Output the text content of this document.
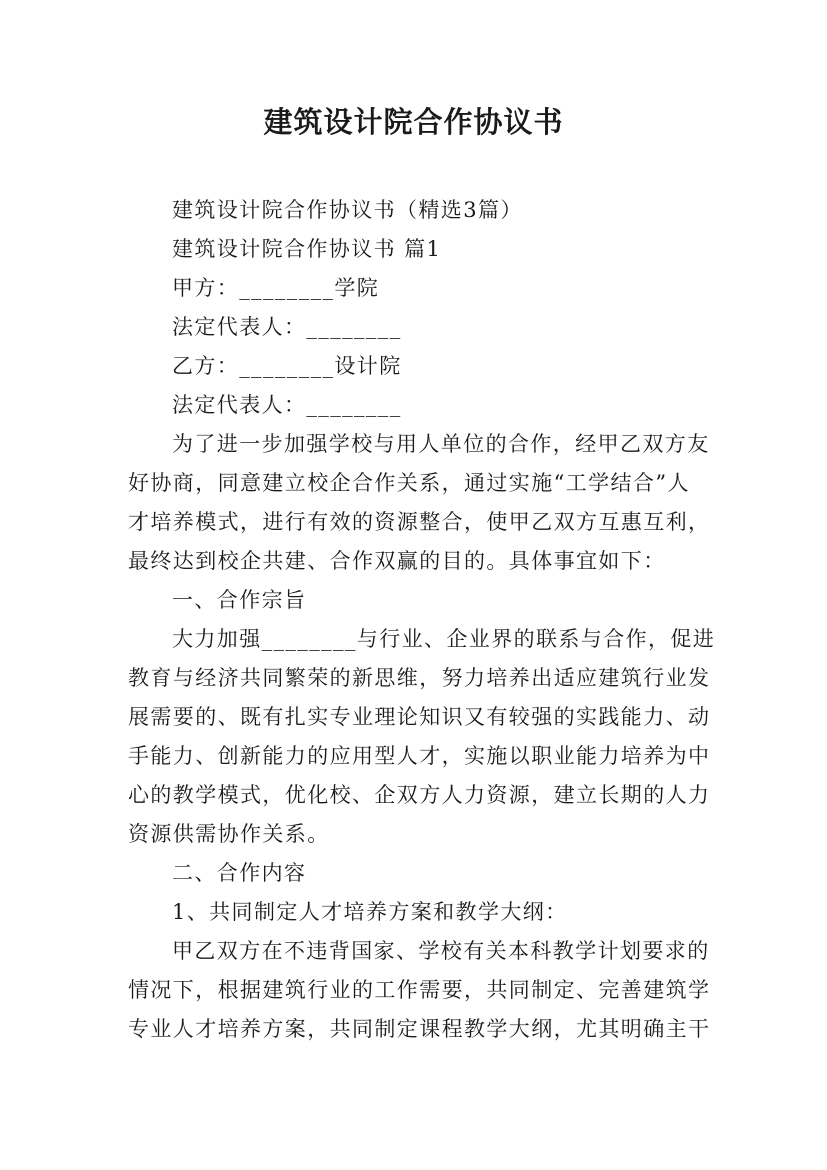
建筑设计院合作协议书
建筑设计院合作协议书（精选3篇）
建筑设计院合作协议书 篇1
甲方：________学院
法定代表人：________
乙方：________设计院
法定代表人：________
为了进一步加强学校与用人单位的合作，经甲乙双方友
好协商，同意建立校企合作关系，通过实施“工学结合”人
才培养模式，进行有效的资源整合，使甲乙双方互惠互利，
最终达到校企共建、合作双赢的目的。具体事宜如下：
一、合作宗旨
大力加强________与行业、企业界的联系与合作，促进
教育与经济共同繁荣的新思维，努力培养出适应建筑行业发
展需要的、既有扎实专业理论知识又有较强的实践能力、动
手能力、创新能力的应用型人才，实施以职业能力培养为中
心的教学模式，优化校、企双方人力资源，建立长期的人力
资源供需协作关系。
二、合作内容
1、共同制定人才培养方案和教学大纲：
甲乙双方在不违背国家、学校有关本科教学计划要求的
情况下，根据建筑行业的工作需要，共同制定、完善建筑学
专业人才培养方案，共同制定课程教学大纲，尤其明确主干
